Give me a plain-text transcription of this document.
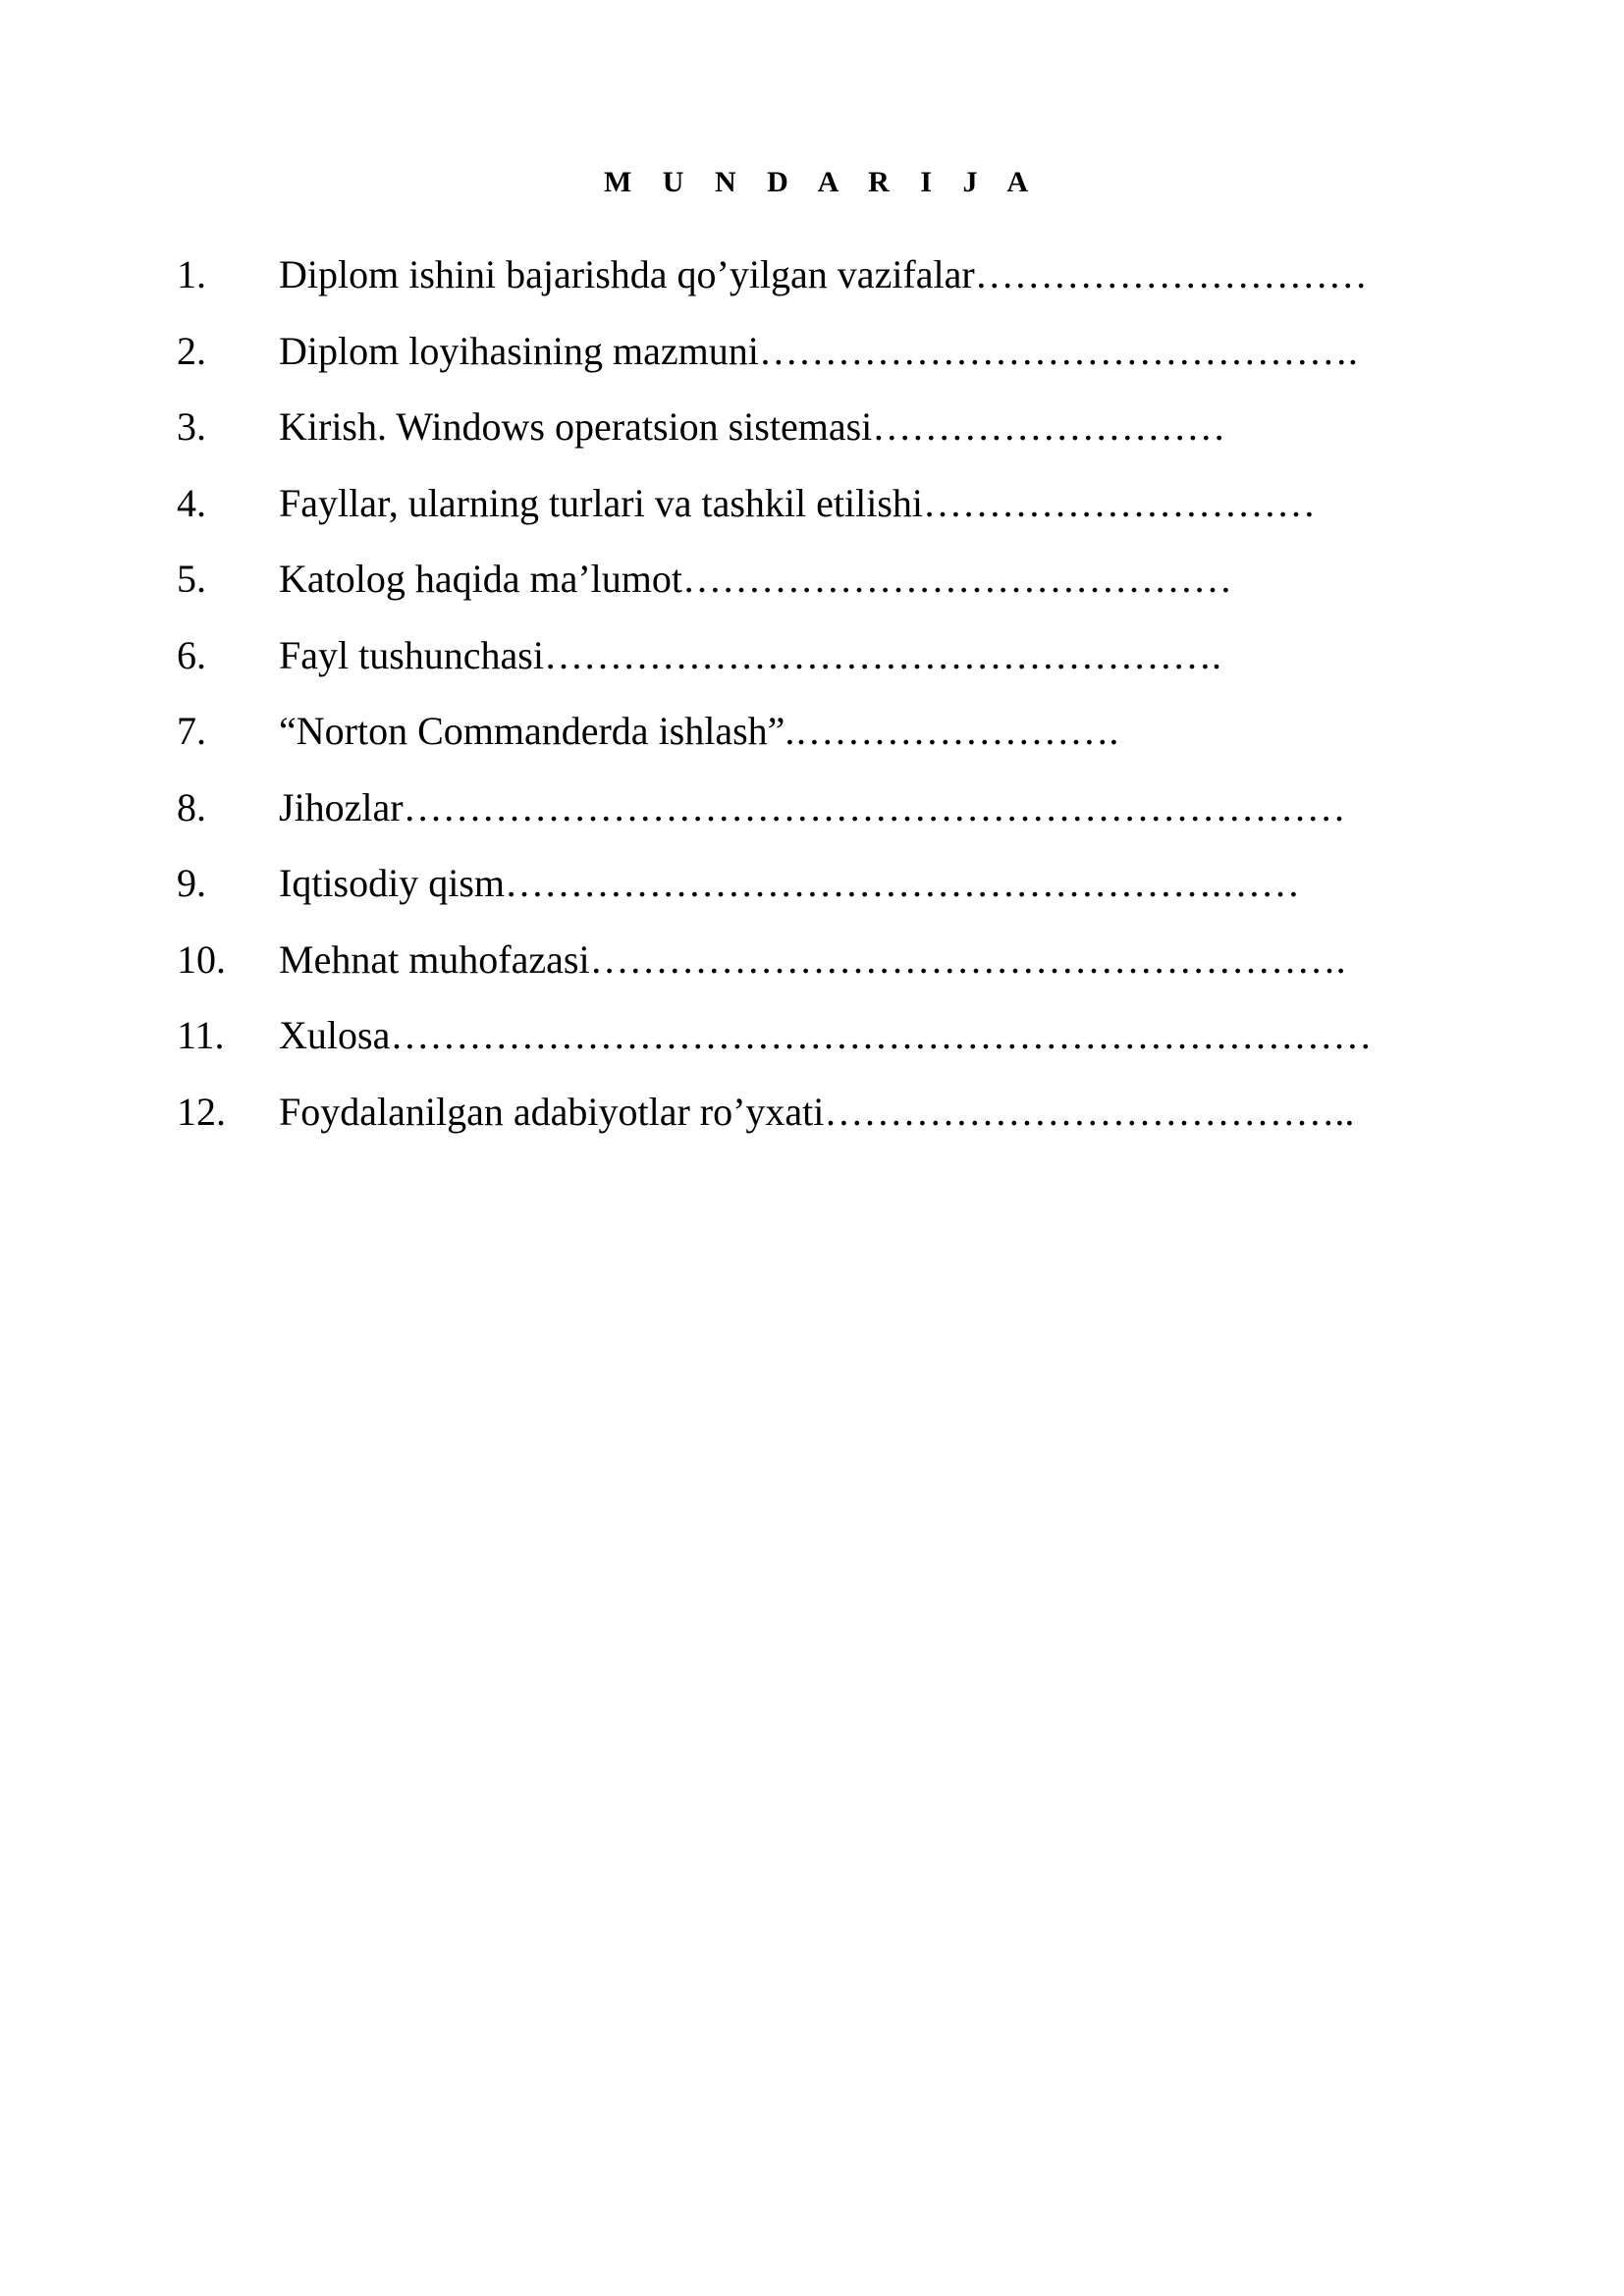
M U N D A R I J A
1. Diplom ishini bajarishda qo’yilgan vazifalar…………………………
2. Diplom loyihasining mazmuni……………………………………….
3. Kirish. Windows operatsion sistemasi………………………
4. Fayllar, ularning turlari va tashkil etilishi…………………………
5. Katolog haqida ma’lumot……………………………………
6. Fayl tushunchasi…………………………………………….
7. “Norton Commanderda ishlash”.…………………….
8. Jihozlar………………………………………………………………
9. Iqtisodiy qism……………………………………………….……
10. Mehnat muhofazasi………………………………………………….
11. Xulosa…………………………………………………………………
12. Foydalanilgan adabiyotlar ro’yxati…………………………………..
